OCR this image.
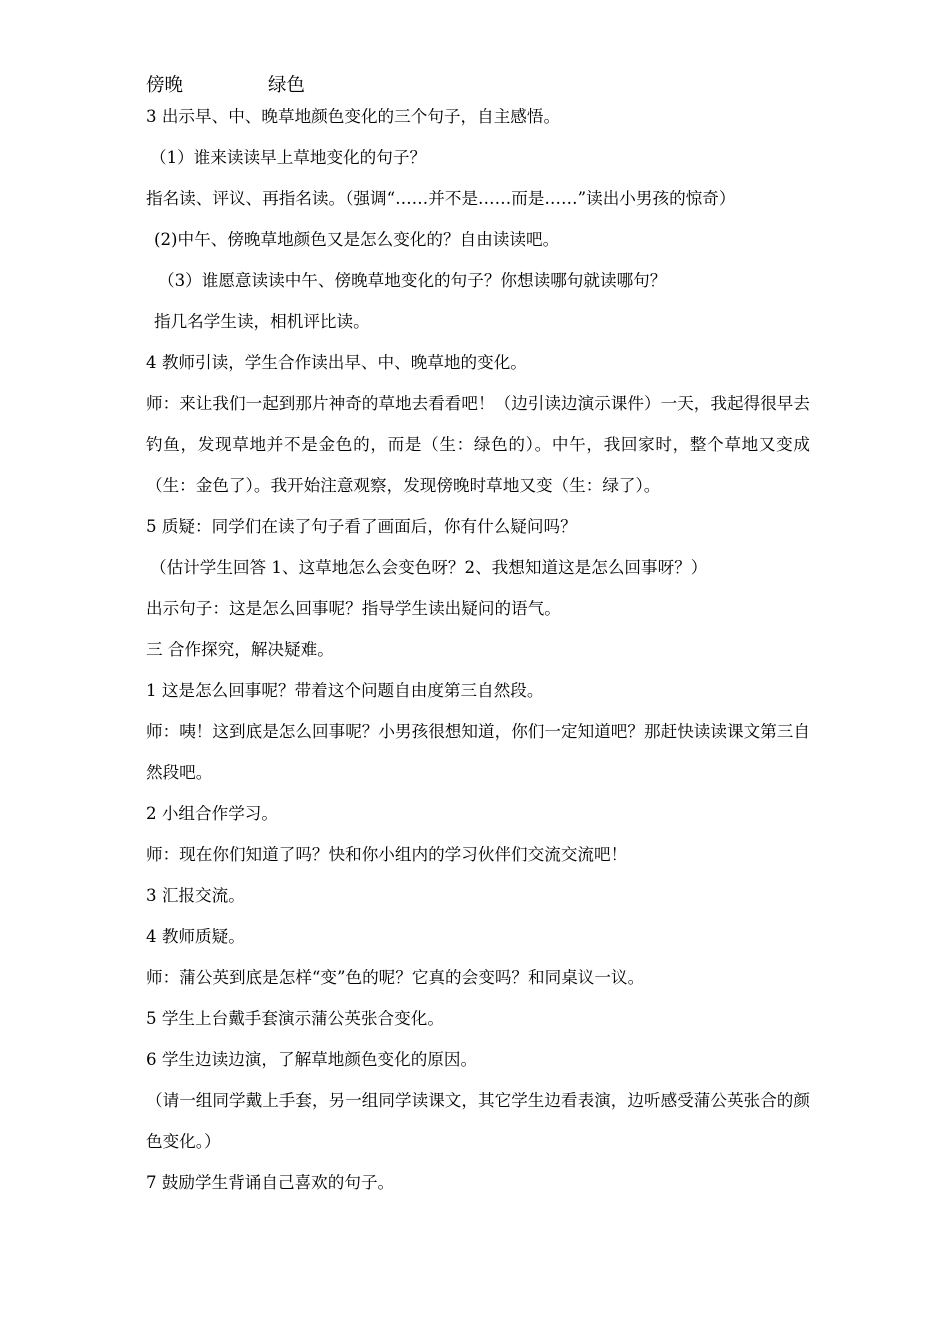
傍晚	绿色

3 出示早、中、晚草地颜色变化的三个句子，自主感悟。

（1）谁来读读早上草地变化的句子？

指名读、评议、再指名读。（强调“……并不是……而是……”读出小男孩的惊奇）

(2)中午、傍晚草地颜色又是怎么变化的？自由读读吧。

（3）谁愿意读读中午、傍晚草地变化的句子？你想读哪句就读哪句？

指几名学生读，相机评比读。

4 教师引读，学生合作读出早、中、晚草地的变化。

师：来让我们一起到那片神奇的草地去看看吧！（边引读边演示课件）一天，我起得很早去钓鱼，发现草地并不是金色的，而是（生：绿色的）。中午，我回家时，整个草地又变成（生：金色了）。我开始注意观察，发现傍晚时草地又变（生：绿了）。

5 质疑：同学们在读了句子看了画面后，你有什么疑问吗？

（估计学生回答 1、这草地怎么会变色呀？2、我想知道这是怎么回事呀？）

出示句子：这是怎么回事呢？指导学生读出疑问的语气。

三 合作探究，解决疑难。

1 这是怎么回事呢？带着这个问题自由度第三自然段。

师：咦！这到底是怎么回事呢？小男孩很想知道，你们一定知道吧？那赶快读读课文第三自然段吧。

2 小组合作学习。

师：现在你们知道了吗？快和你小组内的学习伙伴们交流交流吧！

3 汇报交流。

4 教师质疑。

师：蒲公英到底是怎样“变”色的呢？它真的会变吗？和同桌议一议。

5 学生上台戴手套演示蒲公英张合变化。

6 学生边读边演，了解草地颜色变化的原因。

（请一组同学戴上手套，另一组同学读课文，其它学生边看表演，边听感受蒲公英张合的颜色变化。）

7 鼓励学生背诵自己喜欢的句子。
